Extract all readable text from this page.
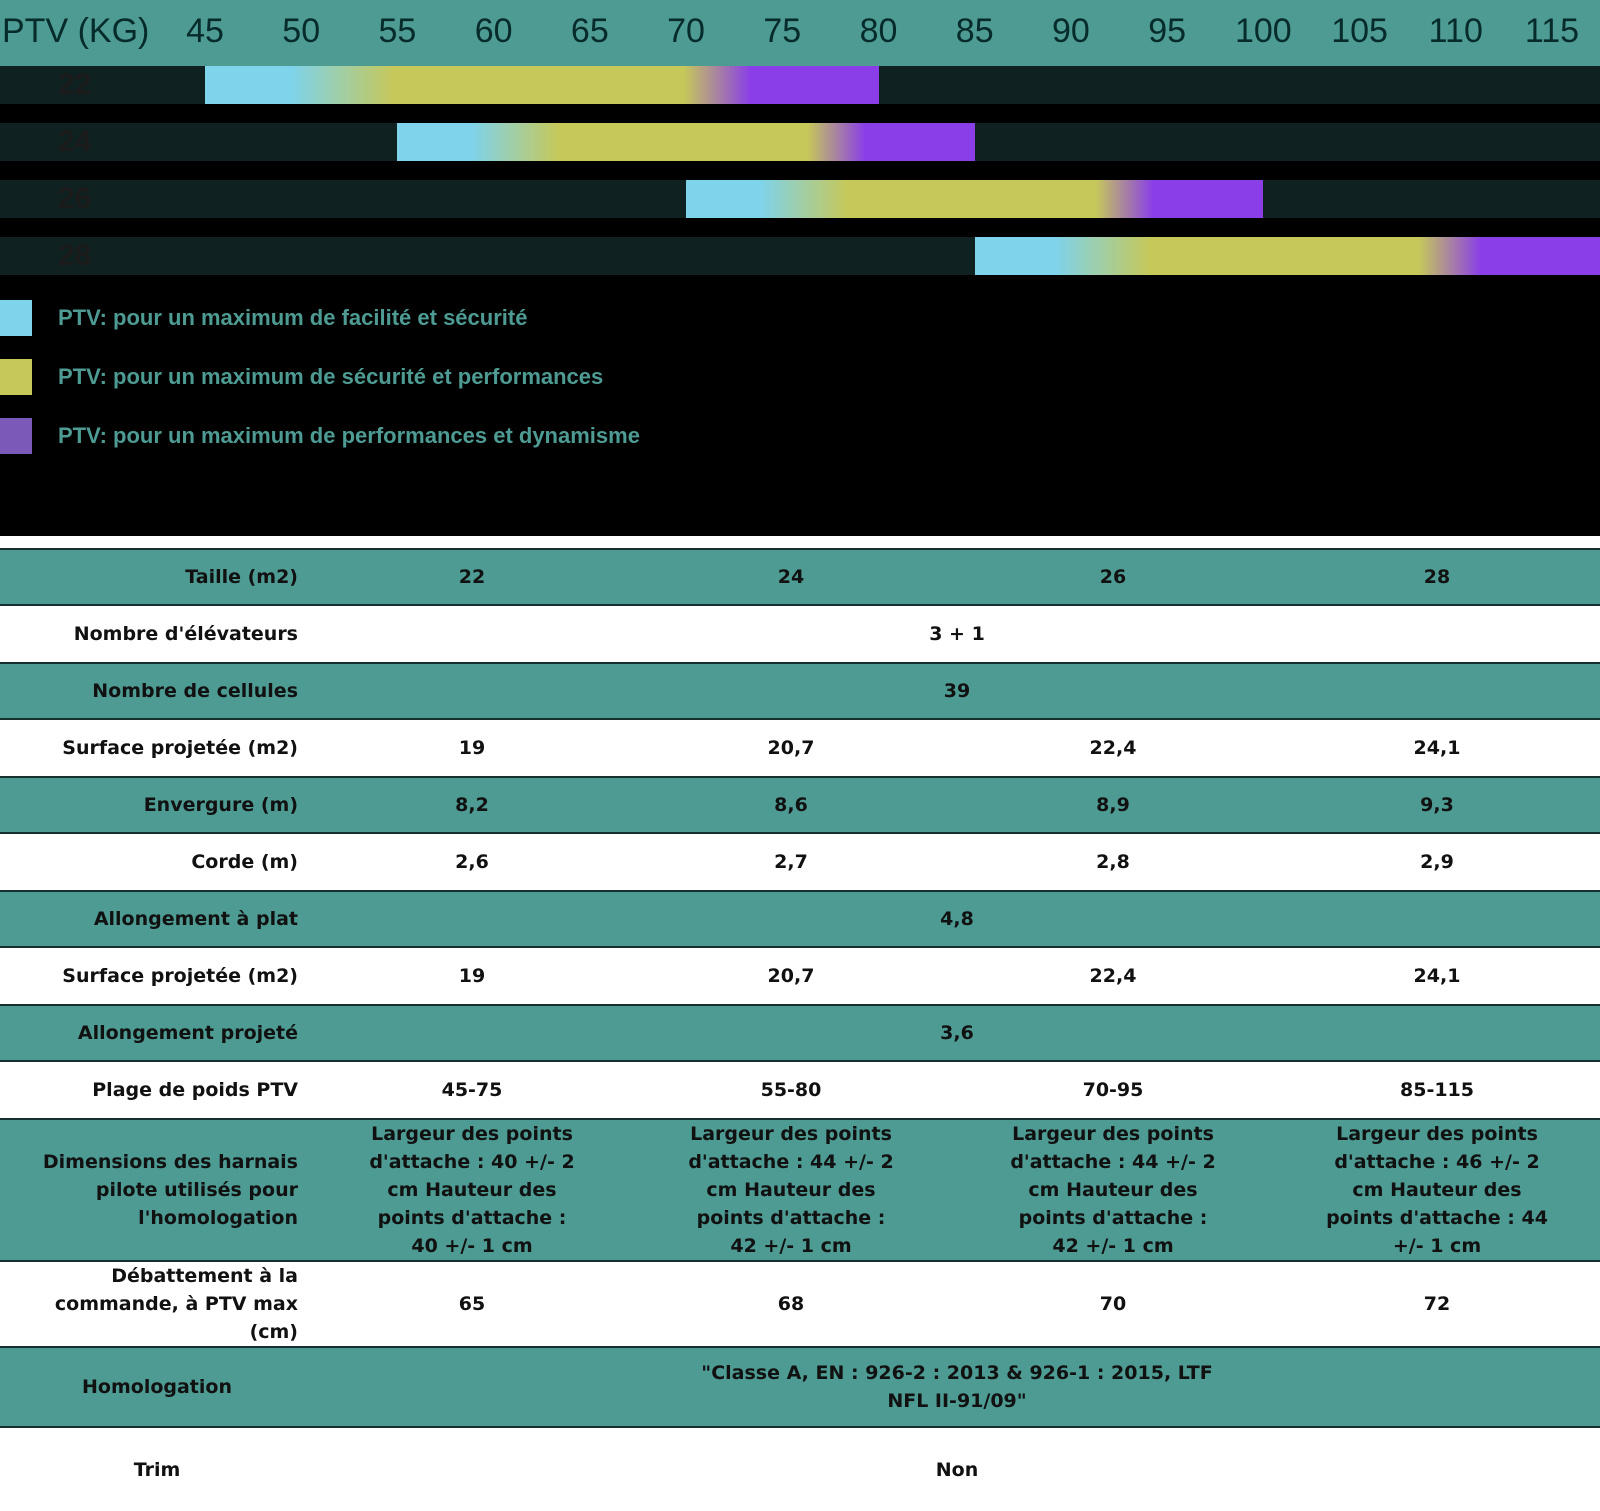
PTV (KG) 45 50 55 60 65 70 75 80 85 90 95 100 105 110 115
22
24
26
28
PTV: pour un maximum de facilité et sécurité
PTV: pour un maximum de sécurité et performances
PTV: pour un maximum de performances et dynamisme
Taille (m2)	22	24	26	28
Nombre d'élévateurs	3 + 1			
Nombre de cellules	39			
Surface projetée (m2)	19	20,7	22,4	24,1
Envergure (m)	8,2	8,6	8,9	9,3
Corde (m)	2,6	2,7	2,8	2,9
Allongement à plat	4,8			
Surface projetée (m2)	19	20,7	22,4	24,1
Allongement projeté	3,6			
Plage de poids PTV	45-75	55-80	70-95	85-115
Dimensions des harnais pilote utilisés pour l'homologation	Largeur des points d'attache : 40 +/- 2 cm Hauteur des points d'attache : 40 +/- 1 cm	Largeur des points d'attache : 44 +/- 2 cm Hauteur des points d'attache : 42 +/- 1 cm	Largeur des points d'attache : 44 +/- 2 cm Hauteur des points d'attache : 42 +/- 1 cm	Largeur des points d'attache : 46 +/- 2 cm Hauteur des points d'attache : 44 +/- 1 cm
Débattement à la commande, à PTV max (cm)	65	68	70	72
Homologation	"Classe A, EN : 926-2 : 2013 & 926-1 : 2015, LTF NFL II-91/09"			
Trim	Non			
